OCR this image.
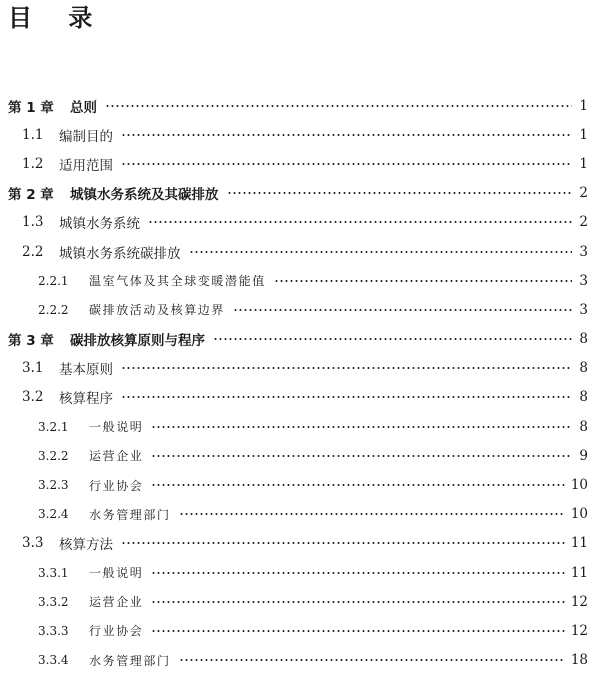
目 录
第 1 章	总则	1
1.1	编制目的	1
1.2	适用范围	1
第 2 章	城镇水务系统及其碳排放	2
1.3	城镇水务系统	2
2.2	城镇水务系统碳排放	3
2.2.1	温室气体及其全球变暖潜能值	3
2.2.2	碳排放活动及核算边界	3
第 3 章	碳排放核算原则与程序	8
3.1	基本原则	8
3.2	核算程序	8
3.2.1	一般说明	8
3.2.2	运营企业	9
3.2.3	行业协会	10
3.2.4	水务管理部门	10
3.3	核算方法	11
3.3.1	一般说明	11
3.3.2	运营企业	12
3.3.3	行业协会	12
3.3.4	水务管理部门	18
